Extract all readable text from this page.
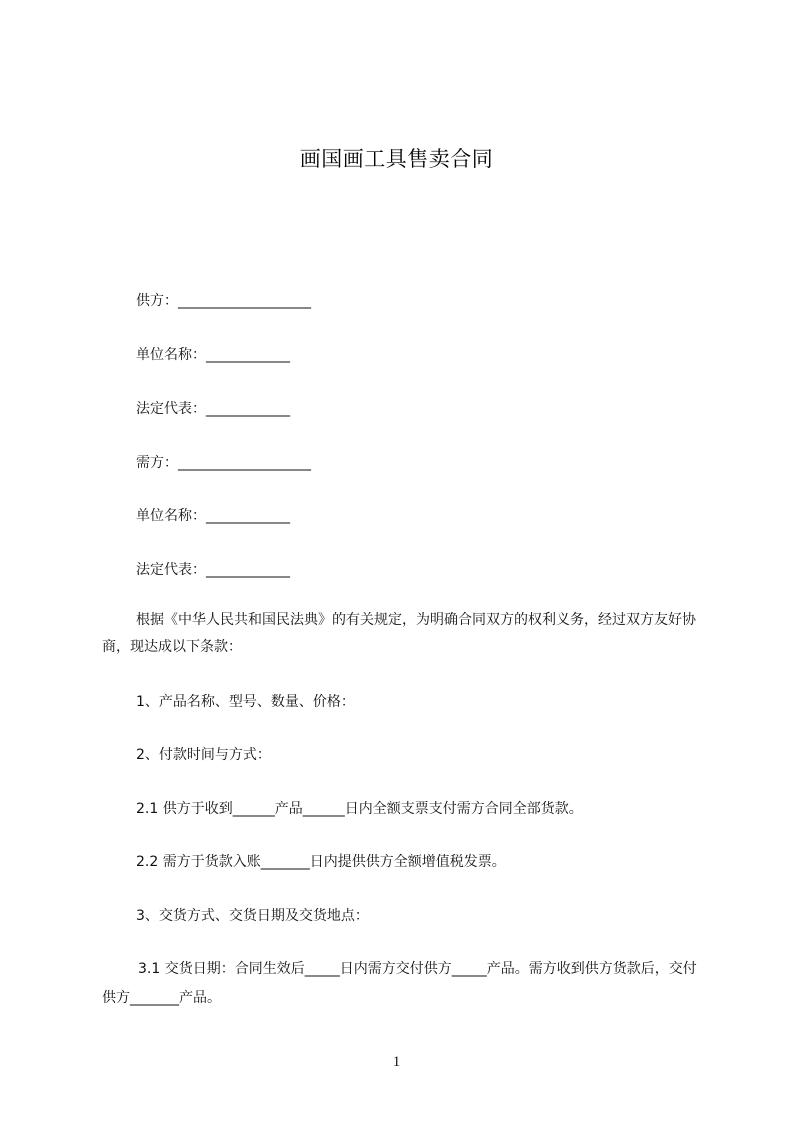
画国画工具售卖合同

供方：___________________

单位名称：____________

法定代表：____________

需方：___________________

单位名称：____________

法定代表：____________

根据《中华人民共和国民法典》的有关规定，为明确合同双方的权利义务，经过双方友好协商，现达成以下条款：

1、产品名称、型号、数量、价格：

2、付款时间与方式：

2.1 供方于收到______产品______日内全额支票支付需方合同全部货款。

2.2 需方于货款入账_______日内提供供方全额增值税发票。

3、交货方式、交货日期及交货地点：

3.1 交货日期：合同生效后_____日内需方交付供方_____产品。需方收到供方货款后，交付供方_______产品。

1
